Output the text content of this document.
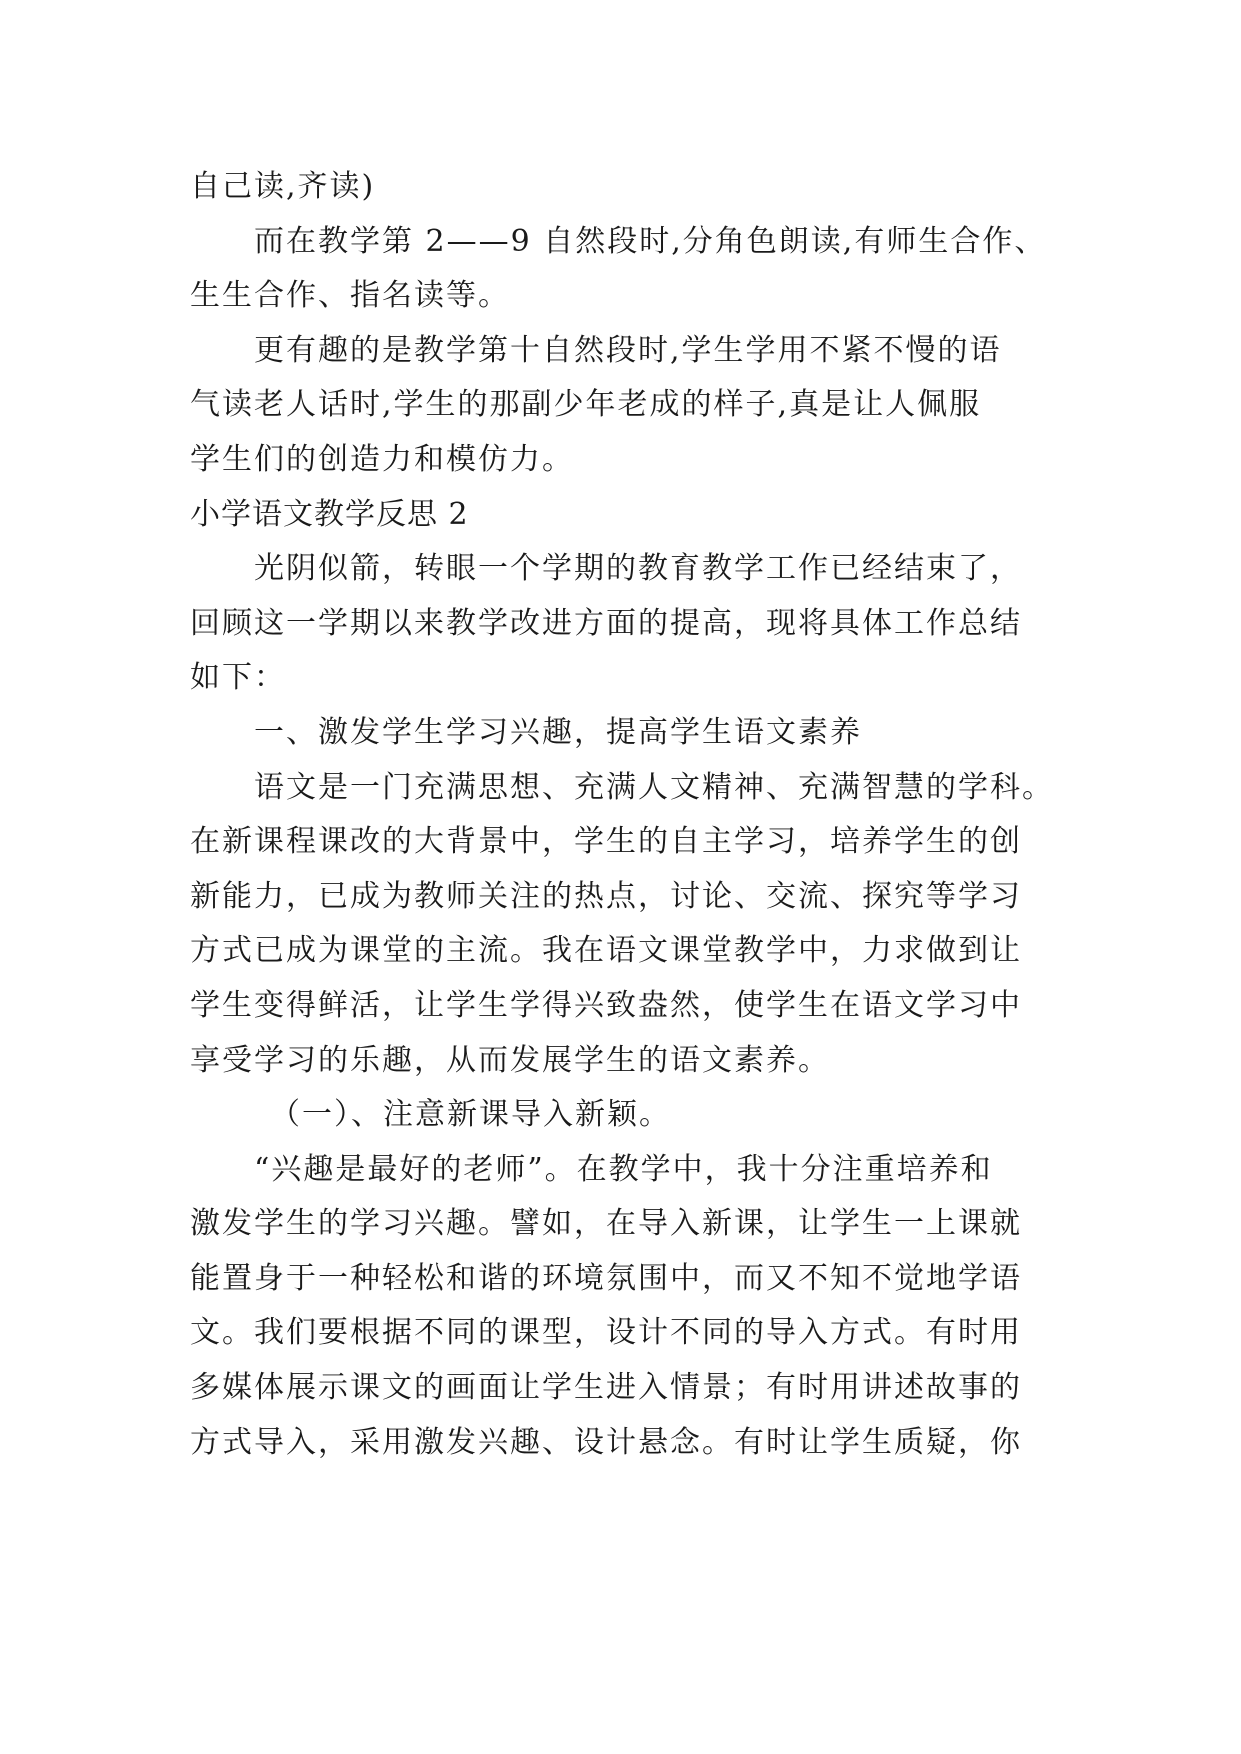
自己读,齐读)

而在教学第 2——9 自然段时,分角色朗读,有师生合作、
生生合作、指名读等。

更有趣的是教学第十自然段时,学生学用不紧不慢的语
气读老人话时,学生的那副少年老成的样子,真是让人佩服
学生们的创造力和模仿力。

小学语文教学反思 2

光阴似箭，转眼一个学期的教育教学工作已经结束了，
回顾这一学期以来教学改进方面的提高，现将具体工作总结
如下：

一、激发学生学习兴趣，提高学生语文素养

语文是一门充满思想、充满人文精神、充满智慧的学科。
在新课程课改的大背景中，学生的自主学习，培养学生的创
新能力，已成为教师关注的热点，讨论、交流、探究等学习
方式已成为课堂的主流。我在语文课堂教学中，力求做到让
学生变得鲜活，让学生学得兴致盎然，使学生在语文学习中
享受学习的乐趣，从而发展学生的语文素养。

（一）、注意新课导入新颖。

“兴趣是最好的老师”。在教学中，我十分注重培养和
激发学生的学习兴趣。譬如，在导入新课，让学生一上课就
能置身于一种轻松和谐的环境氛围中，而又不知不觉地学语
文。我们要根据不同的课型，设计不同的导入方式。有时用
多媒体展示课文的画面让学生进入情景；有时用讲述故事的
方式导入，采用激发兴趣、设计悬念。有时让学生质疑，你
